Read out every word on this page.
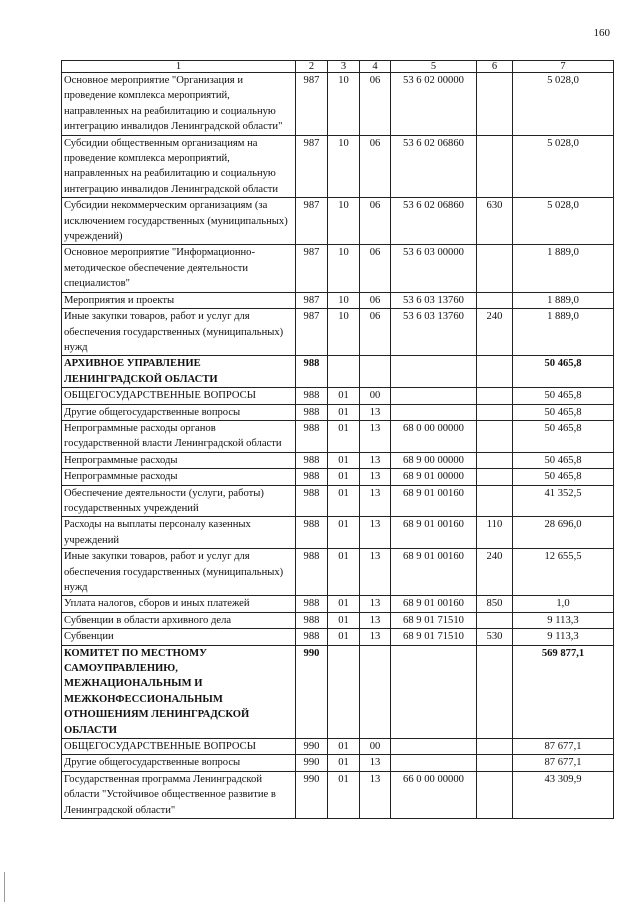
160
1	2	3	4	5	6	7
Основное мероприятие "Организация и проведение комплекса мероприятий, направленных на реабилитацию и социальную интеграцию инвалидов Ленинградской области"	987	10	06	53 6 02 00000		5 028,0
Субсидии общественным организациям на проведение комплекса мероприятий, направленных на реабилитацию и социальную интеграцию инвалидов Ленинградской области	987	10	06	53 6 02 06860		5 028,0
Субсидии некоммерческим организациям (за исключением государственных (муниципальных) учреждений)	987	10	06	53 6 02 06860	630	5 028,0
Основное мероприятие "Информационно-методическое обеспечение деятельности специалистов"	987	10	06	53 6 03 00000		1 889,0
Мероприятия и проекты	987	10	06	53 6 03 13760		1 889,0
Иные закупки товаров, работ и услуг для обеспечения государственных (муниципальных) нужд	987	10	06	53 6 03 13760	240	1 889,0
АРХИВНОЕ УПРАВЛЕНИЕ ЛЕНИНГРАДСКОЙ ОБЛАСТИ	988					50 465,8
ОБЩЕГОСУДАРСТВЕННЫЕ ВОПРОСЫ	988	01	00			50 465,8
Другие общегосударственные вопросы	988	01	13			50 465,8
Непрограммные расходы органов государственной власти Ленинградской области	988	01	13	68 0 00 00000		50 465,8
Непрограммные расходы	988	01	13	68 9 00 00000		50 465,8
Непрограммные расходы	988	01	13	68 9 01 00000		50 465,8
Обеспечение деятельности (услуги, работы) государственных учреждений	988	01	13	68 9 01 00160		41 352,5
Расходы на выплаты персоналу казенных учреждений	988	01	13	68 9 01 00160	110	28 696,0
Иные закупки товаров, работ и услуг для обеспечения государственных (муниципальных) нужд	988	01	13	68 9 01 00160	240	12 655,5
Уплата налогов, сборов и иных платежей	988	01	13	68 9 01 00160	850	1,0
Субвенции в области архивного дела	988	01	13	68 9 01 71510		9 113,3
Субвенции	988	01	13	68 9 01 71510	530	9 113,3
КОМИТЕТ ПО МЕСТНОМУ САМОУПРАВЛЕНИЮ, МЕЖНАЦИОНАЛЬНЫМ И МЕЖКОНФЕССИОНАЛЬНЫМ ОТНОШЕНИЯМ ЛЕНИНГРАДСКОЙ ОБЛАСТИ	990					569 877,1
ОБЩЕГОСУДАРСТВЕННЫЕ ВОПРОСЫ	990	01	00			87 677,1
Другие общегосударственные вопросы	990	01	13			87 677,1
Государственная программа Ленинградской области "Устойчивое общественное развитие в Ленинградской области"	990	01	13	66 0 00 00000		43 309,9
